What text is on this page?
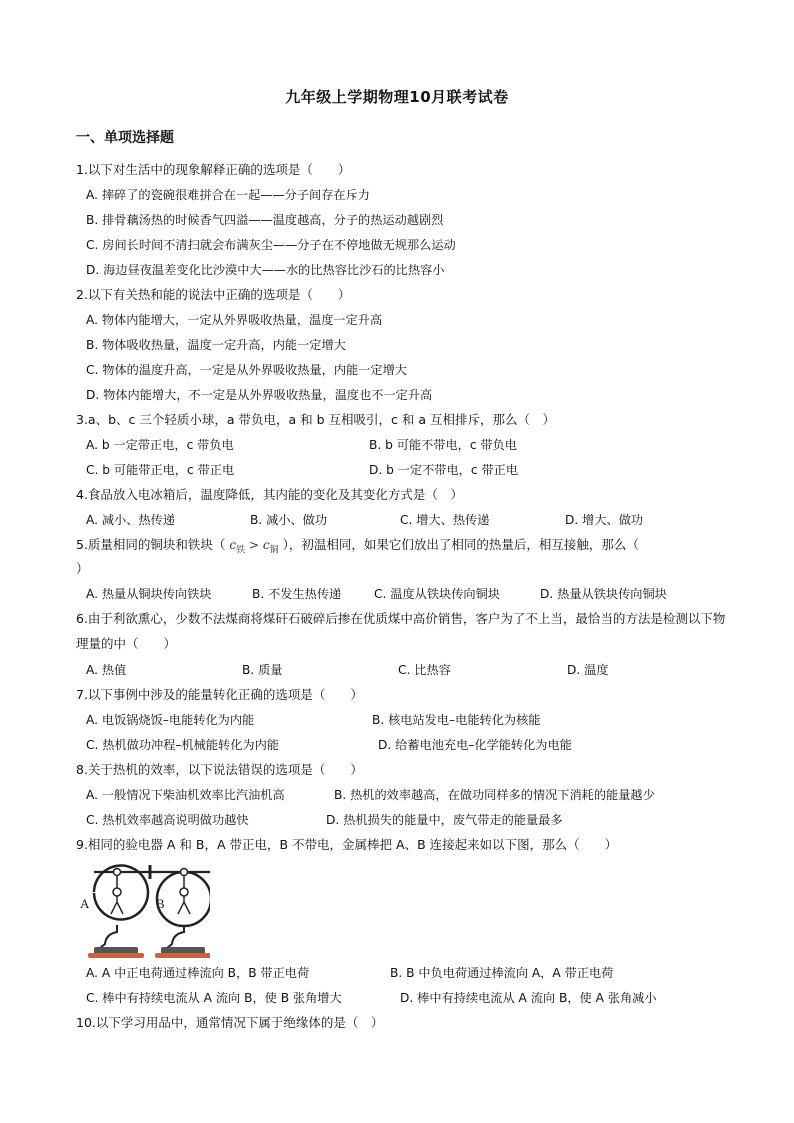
九年级上学期物理10月联考试卷
一、单项选择题
1.以下对生活中的现象解释正确的选项是（　　）
A. 摔碎了的瓷碗很难拼合在一起——分子间存在斥力
B. 排骨藕汤热的时候香气四溢——温度越高，分子的热运动越剧烈
C. 房间长时间不清扫就会布满灰尘——分子在不停地做无规那么运动
D. 海边昼夜温差变化比沙漠中大——水的比热容比沙石的比热容小
2.以下有关热和能的说法中正确的选项是（　　）
A. 物体内能增大，一定从外界吸收热量，温度一定升高
B. 物体吸收热量，温度一定升高，内能一定增大
C. 物体的温度升高，一定是从外界吸收热量，内能一定增大
D. 物体内能增大，不一定是从外界吸收热量，温度也不一定升高
3.a、b、c 三个轻质小球，a 带负电，a 和 b 互相吸引，c 和 a 互相排斥，那么（　）
A. b 一定带正电，c 带负电	B. b 可能不带电，c 带负电
C. b 可能带正电，c 带正电	D. b 一定不带电，c 带正电
4.食品放入电冰箱后，温度降低，其内能的变化及其变化方式是（　）
A. 减小、热传递	B. 减小、做功	C. 增大、热传递	D. 增大、做功
5.质量相同的铜块和铁块（ $c_铁 > c_铜$ ），初温相同，如果它们放出了相同的热量后，相互接触，那么（
）
A. 热量从铜块传向铁块	B. 不发生热传递	C. 温度从铁块传向铜块	D. 热量从铁块传向铜块
6.由于利欲熏心，少数不法煤商将煤矸石破碎后掺在优质煤中高价销售，客户为了不上当，最恰当的方法是检测以下物理量的中（　　）
A. 热值	B. 质量	C. 比热容	D. 温度
7.以下事例中涉及的能量转化正确的选项是（　　）
A. 电饭锅烧饭–电能转化为内能	B. 核电站发电–电能转化为核能
C. 热机做功冲程–机械能转化为内能	D. 给蓄电池充电–化学能转化为电能
8.关于热机的效率，以下说法错误的选项是（　　）
A. 一般情况下柴油机效率比汽油机高	B. 热机的效率越高，在做功同样多的情况下消耗的能量越少
C. 热机效率越高说明做功越快	D. 热机损失的能量中，废气带走的能量最多
9.相同的验电器 A 和 B，A 带正电，B 不带电，金属棒把 A、B 连接起来如以下图，那么（　　）
A	B
A. A 中正电荷通过棒流向 B，B 带正电荷	B. B 中负电荷通过棒流向 A，A 带正电荷
C. 棒中有持续电流从 A 流向 B，使 B 张角增大	D. 棒中有持续电流从 A 流向 B，使 A 张角减小
10.以下学习用品中，通常情况下属于绝缘体的是（　）
